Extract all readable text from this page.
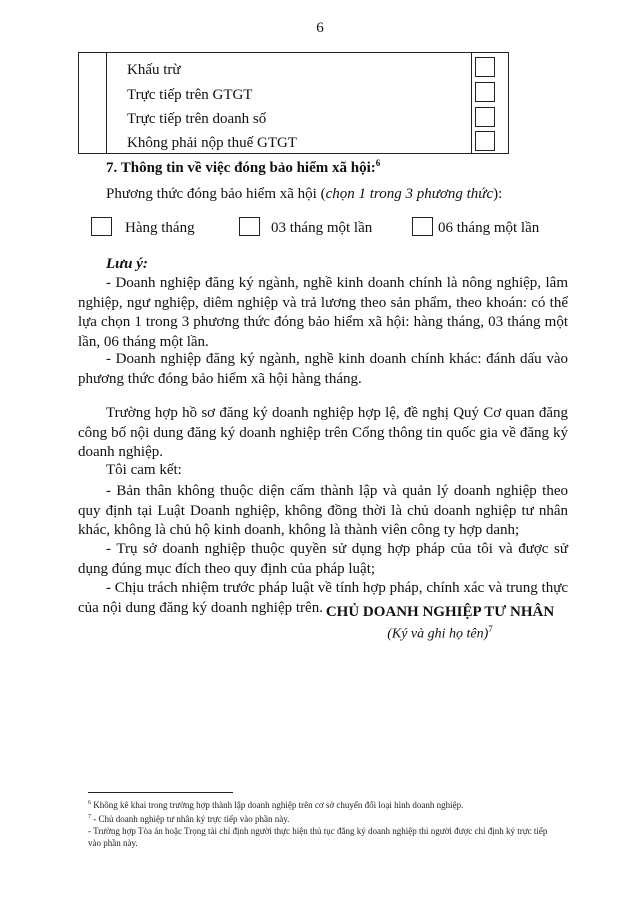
6
Khấu trừ
Trực tiếp trên GTGT
Trực tiếp trên doanh số
Không phải nộp thuế GTGT
7. Thông tin về việc đóng bảo hiểm xã hội:$^6$
Phương thức đóng bảo hiểm xã hội (chọn 1 trong 3 phương thức):
Hàng tháng	03 tháng một lần	06 tháng một lần
Lưu ý:
- Doanh nghiệp đăng ký ngành, nghề kinh doanh chính là nông nghiệp, lâm nghiệp, ngư nghiệp, diêm nghiệp và trả lương theo sản phẩm, theo khoán: có thể lựa chọn 1 trong 3 phương thức đóng bảo hiểm xã hội: hàng tháng, 03 tháng một lần, 06 tháng một lần.
- Doanh nghiệp đăng ký ngành, nghề kinh doanh chính khác: đánh dấu vào phương thức đóng bảo hiểm xã hội hàng tháng.
Trường hợp hồ sơ đăng ký doanh nghiệp hợp lệ, đề nghị Quý Cơ quan đăng công bố nội dung đăng ký doanh nghiệp trên Cổng thông tin quốc gia về đăng ký doanh nghiệp.
Tôi cam kết:
- Bản thân không thuộc diện cấm thành lập và quản lý doanh nghiệp theo quy định tại Luật Doanh nghiệp, không đồng thời là chủ doanh nghiệp tư nhân khác, không là chủ hộ kinh doanh, không là thành viên công ty hợp danh;
- Trụ sở doanh nghiệp thuộc quyền sử dụng hợp pháp của tôi và được sử dụng đúng mục đích theo quy định của pháp luật;
- Chịu trách nhiệm trước pháp luật về tính hợp pháp, chính xác và trung thực của nội dung đăng ký doanh nghiệp trên. CHỦ DOANH NGHIỆP TƯ NHÂN
(Ký và ghi họ tên)$^7$
$^6$ Không kê khai trong trường hợp thành lập doanh nghiệp trên cơ sở chuyển đổi loại hình doanh nghiệp.
$^7$ - Chủ doanh nghiệp tư nhân ký trực tiếp vào phần này.
- Trường hợp Tòa án hoặc Trọng tài chỉ định người thực hiện thủ tục đăng ký doanh nghiệp thì người được chỉ định ký trực tiếp vào phần này.
